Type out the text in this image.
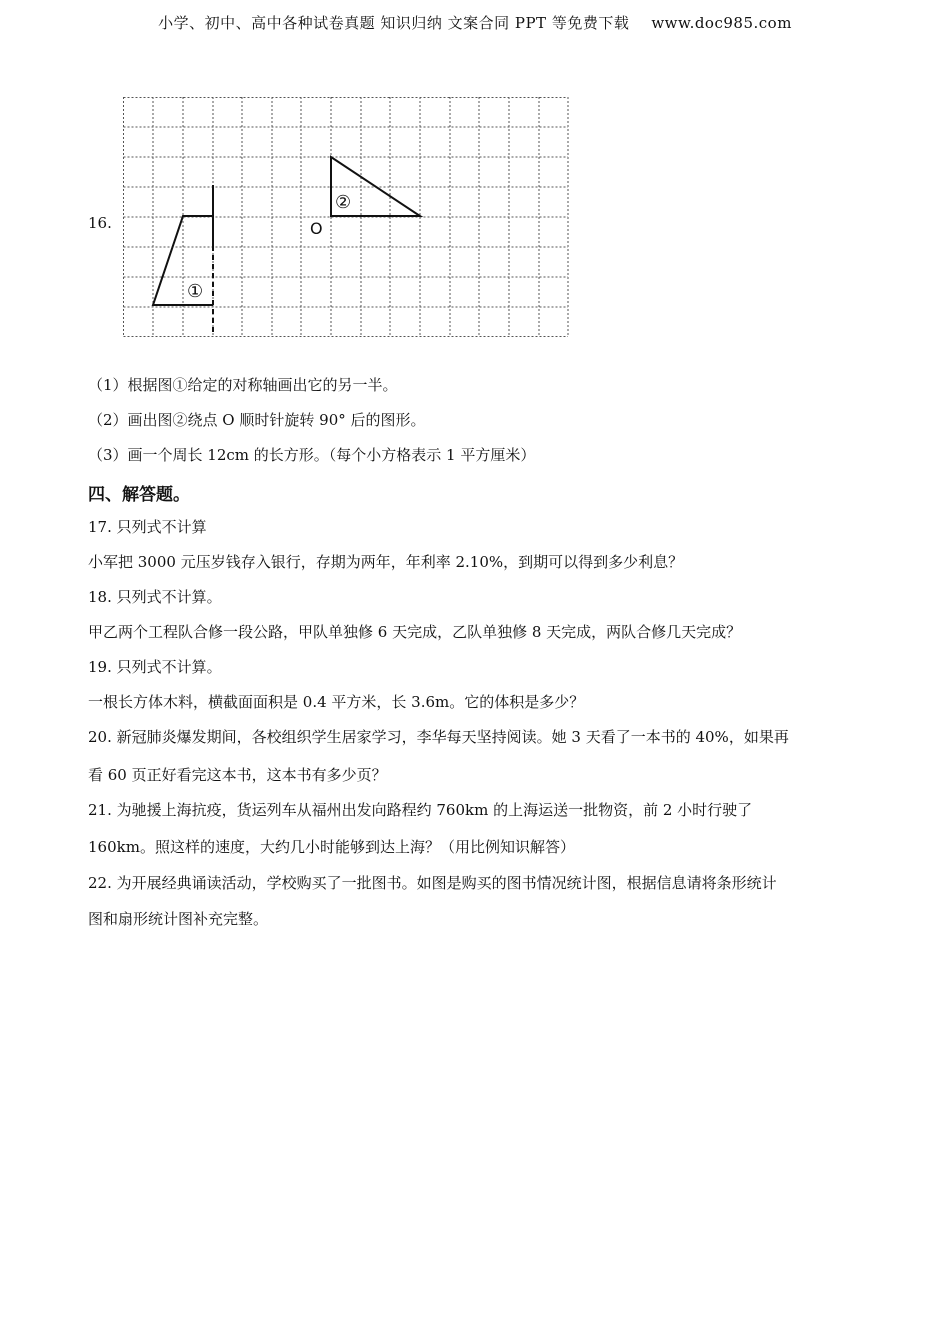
小学、初中、高中各种试卷真题 知识归纳 文案合同 PPT 等免费下载 www.doc985.com
16.
①
②
O
（1）根据图①给定的对称轴画出它的另一半。
（2）画出图②绕点 O 顺时针旋转 90° 后的图形。
（3）画一个周长 12cm 的长方形。（每个小方格表示 1 平方厘米）
四、解答题。
17. 只列式不计算
小军把 3000 元压岁钱存入银行，存期为两年，年利率 2.10%，到期可以得到多少利息？
18. 只列式不计算。
甲乙两个工程队合修一段公路，甲队单独修 6 天完成，乙队单独修 8 天完成，两队合修几天完成？
19. 只列式不计算。
一根长方体木料，横截面面积是 0.4 平方米，长 3.6m。它的体积是多少？
20. 新冠肺炎爆发期间，各校组织学生居家学习，李华每天坚持阅读。她 3 天看了一本书的 40%，如果再
看 60 页正好看完这本书，这本书有多少页？
21. 为驰援上海抗疫，货运列车从福州出发向路程约 760km 的上海运送一批物资，前 2 小时行驶了
160km。照这样的速度，大约几小时能够到达上海？（用比例知识解答）
22. 为开展经典诵读活动，学校购买了一批图书。如图是购买的图书情况统计图，根据信息请将条形统计
图和扇形统计图补充完整。
